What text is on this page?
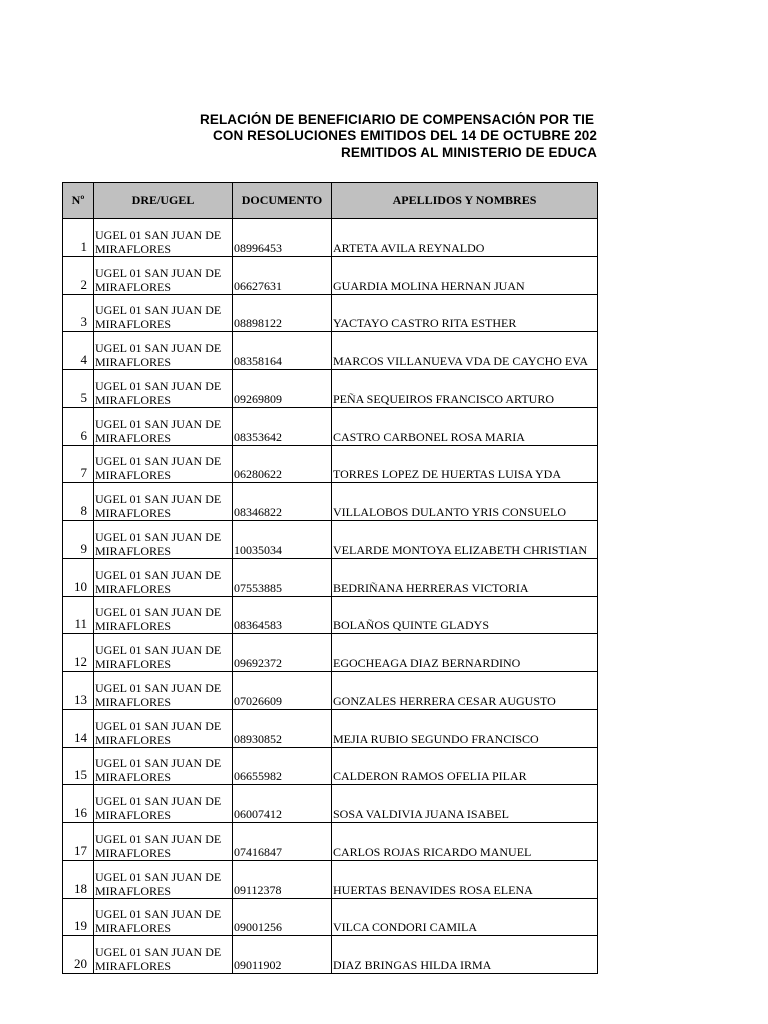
RELACIÓN DE BENEFICIARIO DE COMPENSACIÓN POR TIE
CON RESOLUCIONES EMITIDOS DEL 14 DE OCTUBRE 202
REMITIDOS AL MINISTERIO DE EDUCA
Nº	DRE/UGEL	DOCUMENTO	APELLIDOS Y NOMBRES
1	UGEL 01 SAN JUAN DE MIRAFLORES	08996453	ARTETA AVILA REYNALDO
2	UGEL 01 SAN JUAN DE MIRAFLORES	06627631	GUARDIA MOLINA HERNAN JUAN
3	UGEL 01 SAN JUAN DE MIRAFLORES	08898122	YACTAYO CASTRO RITA ESTHER
4	UGEL 01 SAN JUAN DE MIRAFLORES	08358164	MARCOS VILLANUEVA VDA DE CAYCHO EVA
5	UGEL 01 SAN JUAN DE MIRAFLORES	09269809	PEÑA SEQUEIROS FRANCISCO ARTURO
6	UGEL 01 SAN JUAN DE MIRAFLORES	08353642	CASTRO CARBONEL ROSA MARIA
7	UGEL 01 SAN JUAN DE MIRAFLORES	06280622	TORRES LOPEZ DE HUERTAS LUISA YDA
8	UGEL 01 SAN JUAN DE MIRAFLORES	08346822	VILLALOBOS DULANTO YRIS CONSUELO
9	UGEL 01 SAN JUAN DE MIRAFLORES	10035034	VELARDE MONTOYA ELIZABETH CHRISTIAN
10	UGEL 01 SAN JUAN DE MIRAFLORES	07553885	BEDRIÑANA HERRERAS VICTORIA
11	UGEL 01 SAN JUAN DE MIRAFLORES	08364583	BOLAÑOS QUINTE GLADYS
12	UGEL 01 SAN JUAN DE MIRAFLORES	09692372	EGOCHEAGA DIAZ BERNARDINO
13	UGEL 01 SAN JUAN DE MIRAFLORES	07026609	GONZALES HERRERA CESAR AUGUSTO
14	UGEL 01 SAN JUAN DE MIRAFLORES	08930852	MEJIA RUBIO SEGUNDO FRANCISCO
15	UGEL 01 SAN JUAN DE MIRAFLORES	06655982	CALDERON RAMOS OFELIA PILAR
16	UGEL 01 SAN JUAN DE MIRAFLORES	06007412	SOSA VALDIVIA JUANA ISABEL
17	UGEL 01 SAN JUAN DE MIRAFLORES	07416847	CARLOS ROJAS RICARDO MANUEL
18	UGEL 01 SAN JUAN DE MIRAFLORES	09112378	HUERTAS BENAVIDES ROSA ELENA
19	UGEL 01 SAN JUAN DE MIRAFLORES	09001256	VILCA CONDORI CAMILA
20	UGEL 01 SAN JUAN DE MIRAFLORES	09011902	DIAZ BRINGAS HILDA IRMA
